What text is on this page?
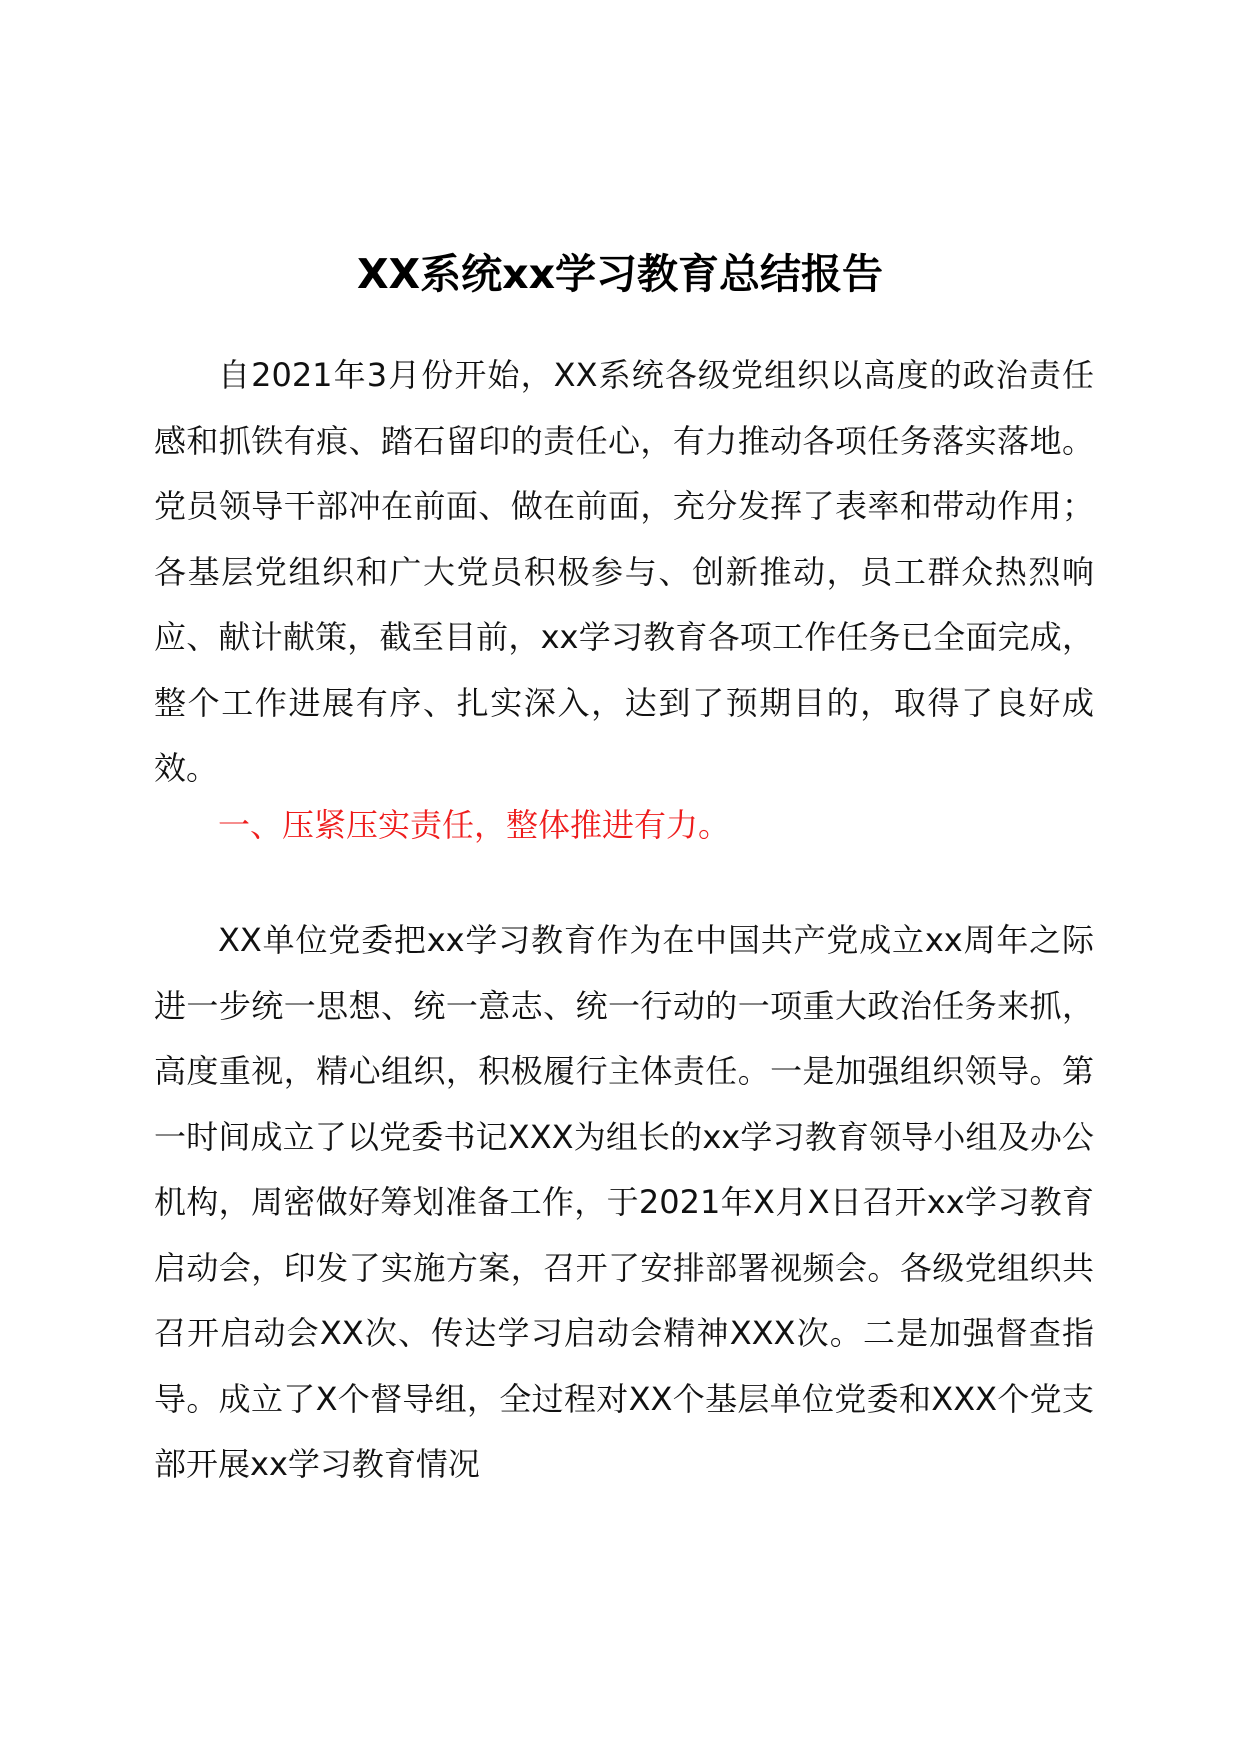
XX系统xx学习教育总结报告

自2021年3月份开始，XX系统各级党组织以高度的政治责任感和抓铁有痕、踏石留印的责任心，有力推动各项任务落实落地。党员领导干部冲在前面、做在前面，充分发挥了表率和带动作用；各基层党组织和广大党员积极参与、创新推动，员工群众热烈响应、献计献策，截至目前，xx学习教育各项工作任务已全面完成，整个工作进展有序、扎实深入，达到了预期目的，取得了良好成效。

一、压紧压实责任，整体推进有力。

XX单位党委把xx学习教育作为在中国共产党成立xx周年之际进一步统一思想、统一意志、统一行动的一项重大政治任务来抓，高度重视，精心组织，积极履行主体责任。一是加强组织领导。第一时间成立了以党委书记XXX为组长的xx学习教育领导小组及办公机构，周密做好筹划准备工作，于2021年X月X日召开xx学习教育启动会，印发了实施方案，召开了安排部署视频会。各级党组织共召开启动会XX次、传达学习启动会精神XXX次。二是加强督查指导。成立了X个督导组，全过程对XX个基层单位党委和XXX个党支部开展xx学习教育情况
